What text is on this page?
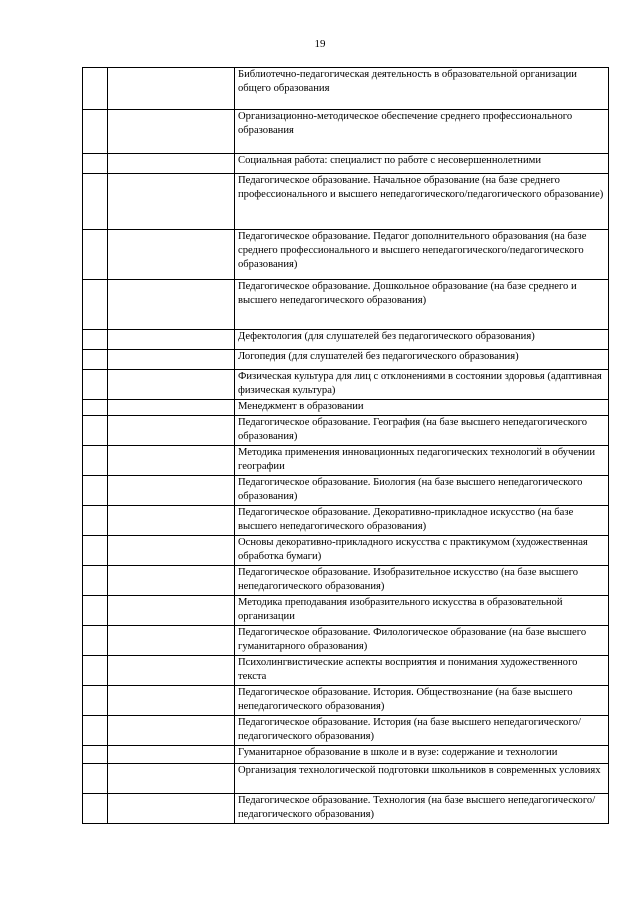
19
		Библиотечно-педагогическая деятельность в образовательной организации общего образования
		Организационно-методическое обеспечение среднего профессионального образования
		Социальная работа: специалист по работе с несовершеннолетними
		Педагогическое образование. Начальное образование (на базе среднего профессионального и высшего непедагогического/педагогического образование)
		Педагогическое образование. Педагог дополнительного образования (на базе среднего профессионального и высшего непедагогического/педагогического образования)
		Педагогическое образование. Дошкольное образование (на базе среднего и высшего непедагогического образования)
		Дефектология (для слушателей без педагогического образования)
		Логопедия (для слушателей без педагогического образования)
		Физическая культура для лиц с отклонениями в состоянии здоровья (адаптивная физическая культура)
		Менеджмент в образовании
		Педагогическое образование. География (на базе высшего непедагогического образования)
		Методика применения инновационных педагогических технологий в обучении географии
		Педагогическое образование. Биология (на базе высшего непедагогического образования)
		Педагогическое образование. Декоративно-прикладное искусство (на базе высшего непедагогического образования)
		Основы декоративно-прикладного искусства с практикумом (художественная обработка бумаги)
		Педагогическое образование. Изобразительное искусство (на базе высшего непедагогического образования)
		Методика преподавания изобразительного искусства в образовательной организации
		Педагогическое образование. Филологическое образование (на базе высшего гуманитарного образования)
		Психолингвистические аспекты восприятия и понимания художественного текста
		Педагогическое образование. История. Обществознание (на базе высшего непедагогического образования)
		Педагогическое образование. История (на базе высшего непедагогического/педагогического образования)
		Гуманитарное образование в школе и в вузе: содержание и технологии
		Организация технологической подготовки школьников в современных условиях
		Педагогическое образование. Технология (на базе высшего непедагогического/педагогического образования)
